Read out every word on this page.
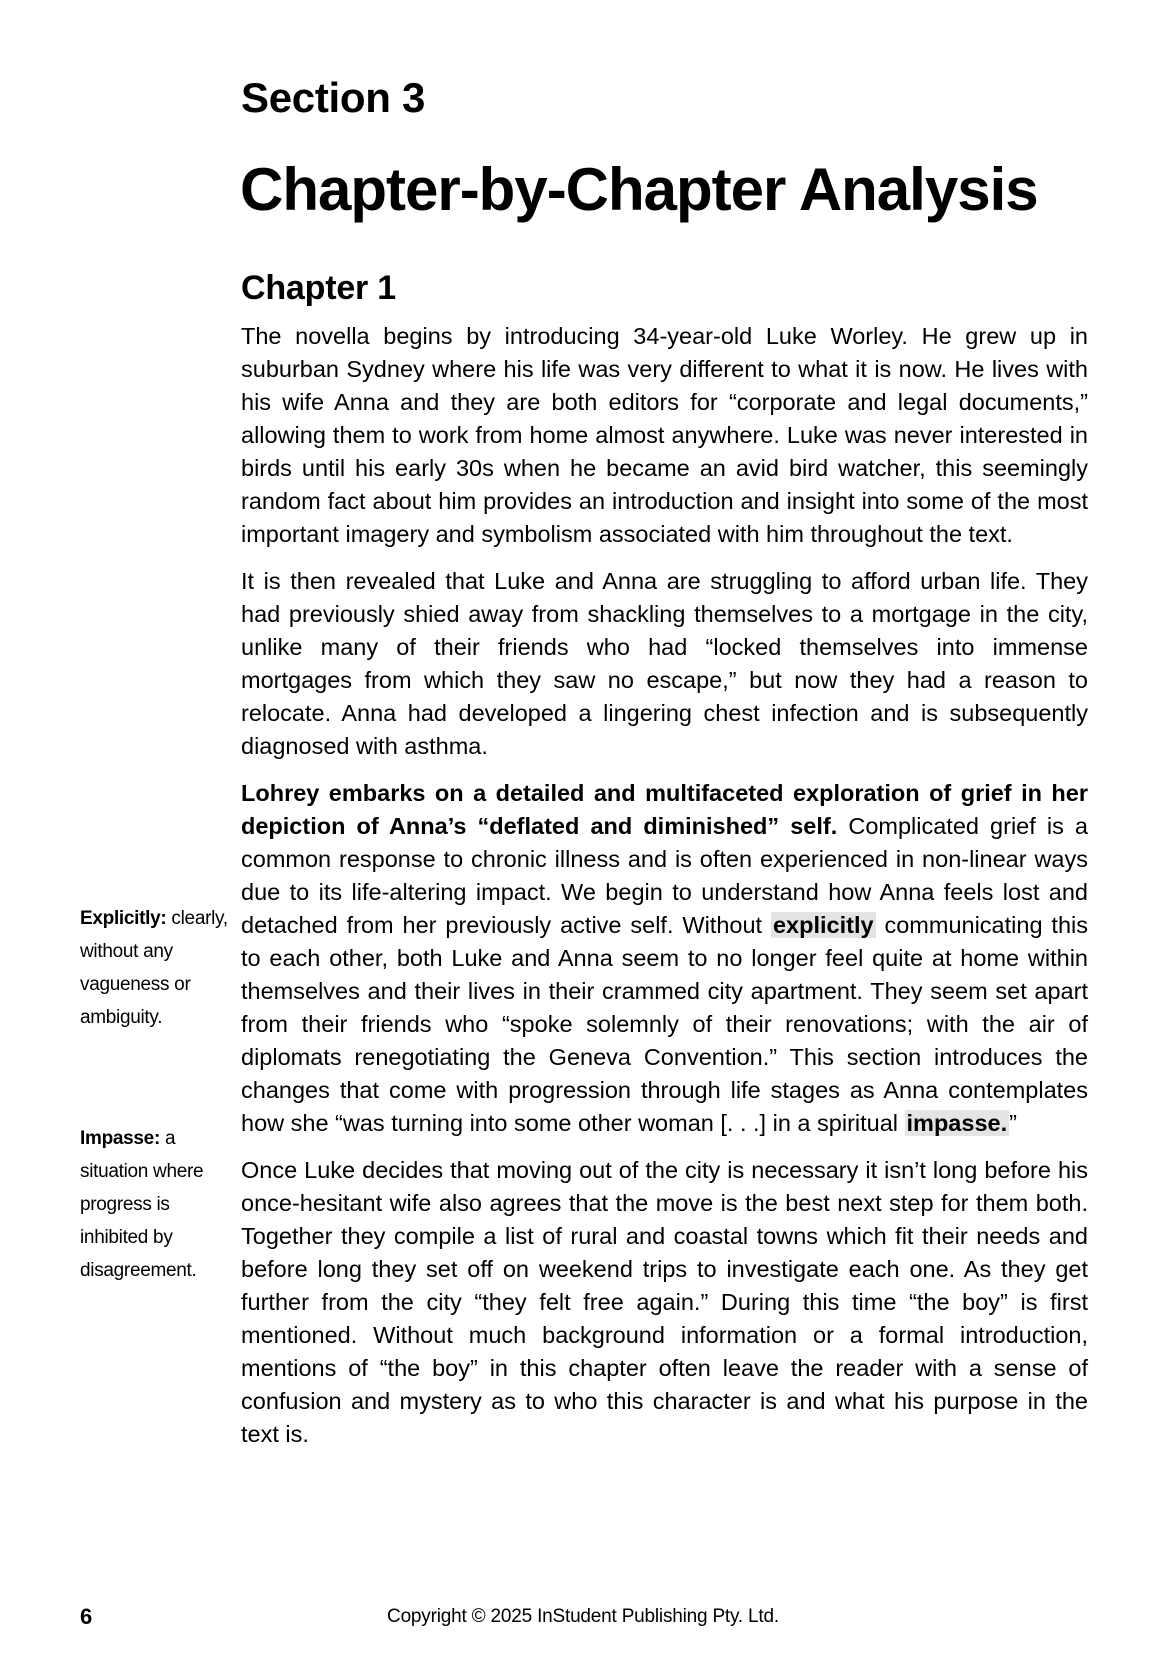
Section 3
Chapter-by-Chapter Analysis
Chapter 1

The novella begins by introducing 34-year-old Luke Worley. He grew up in suburban Sydney where his life was very different to what it is now. He lives with his wife Anna and they are both editors for “corporate and legal documents,” allowing them to work from home almost anywhere. Luke was never interested in birds until his early 30s when he became an avid bird watcher, this seemingly random fact about him provides an introduction and insight into some of the most important imagery and symbolism associated with him throughout the text.

It is then revealed that Luke and Anna are struggling to afford urban life. They had previously shied away from shackling themselves to a mortgage in the city, unlike many of their friends who had “locked themselves into immense mortgages from which they saw no escape,” but now they had a reason to relocate. Anna had developed a lingering chest infection and is subsequently diagnosed with asthma.

Lohrey embarks on a detailed and multifaceted exploration of grief in her depiction of Anna’s “deflated and diminished” self. Complicated grief is a common response to chronic illness and is often experienced in non-linear ways due to its life-altering impact. We begin to understand how Anna feels lost and detached from her previously active self. Without explicitly communicating this to each other, both Luke and Anna seem to no longer feel quite at home within themselves and their lives in their crammed city apartment. They seem set apart from their friends who “spoke solemnly of their renovations; with the air of diplomats renegotiating the Geneva Convention.” This section introduces the changes that come with progression through life stages as Anna contemplates how she “was turning into some other woman [. . .] in a spiritual impasse.”

Once Luke decides that moving out of the city is necessary it isn’t long before his once-hesitant wife also agrees that the move is the best next step for them both. Together they compile a list of rural and coastal towns which fit their needs and before long they set off on weekend trips to investigate each one. As they get further from the city “they felt free again.” During this time “the boy” is first mentioned. Without much background information or a formal introduction, mentions of “the boy” in this chapter often leave the reader with a sense of confusion and mystery as to who this character is and what his purpose in the text is.

Explicitly: clearly, without any vagueness or ambiguity.
Impasse: a situation where progress is inhibited by disagreement.
6	Copyright © 2025 InStudent Publishing Pty. Ltd.
